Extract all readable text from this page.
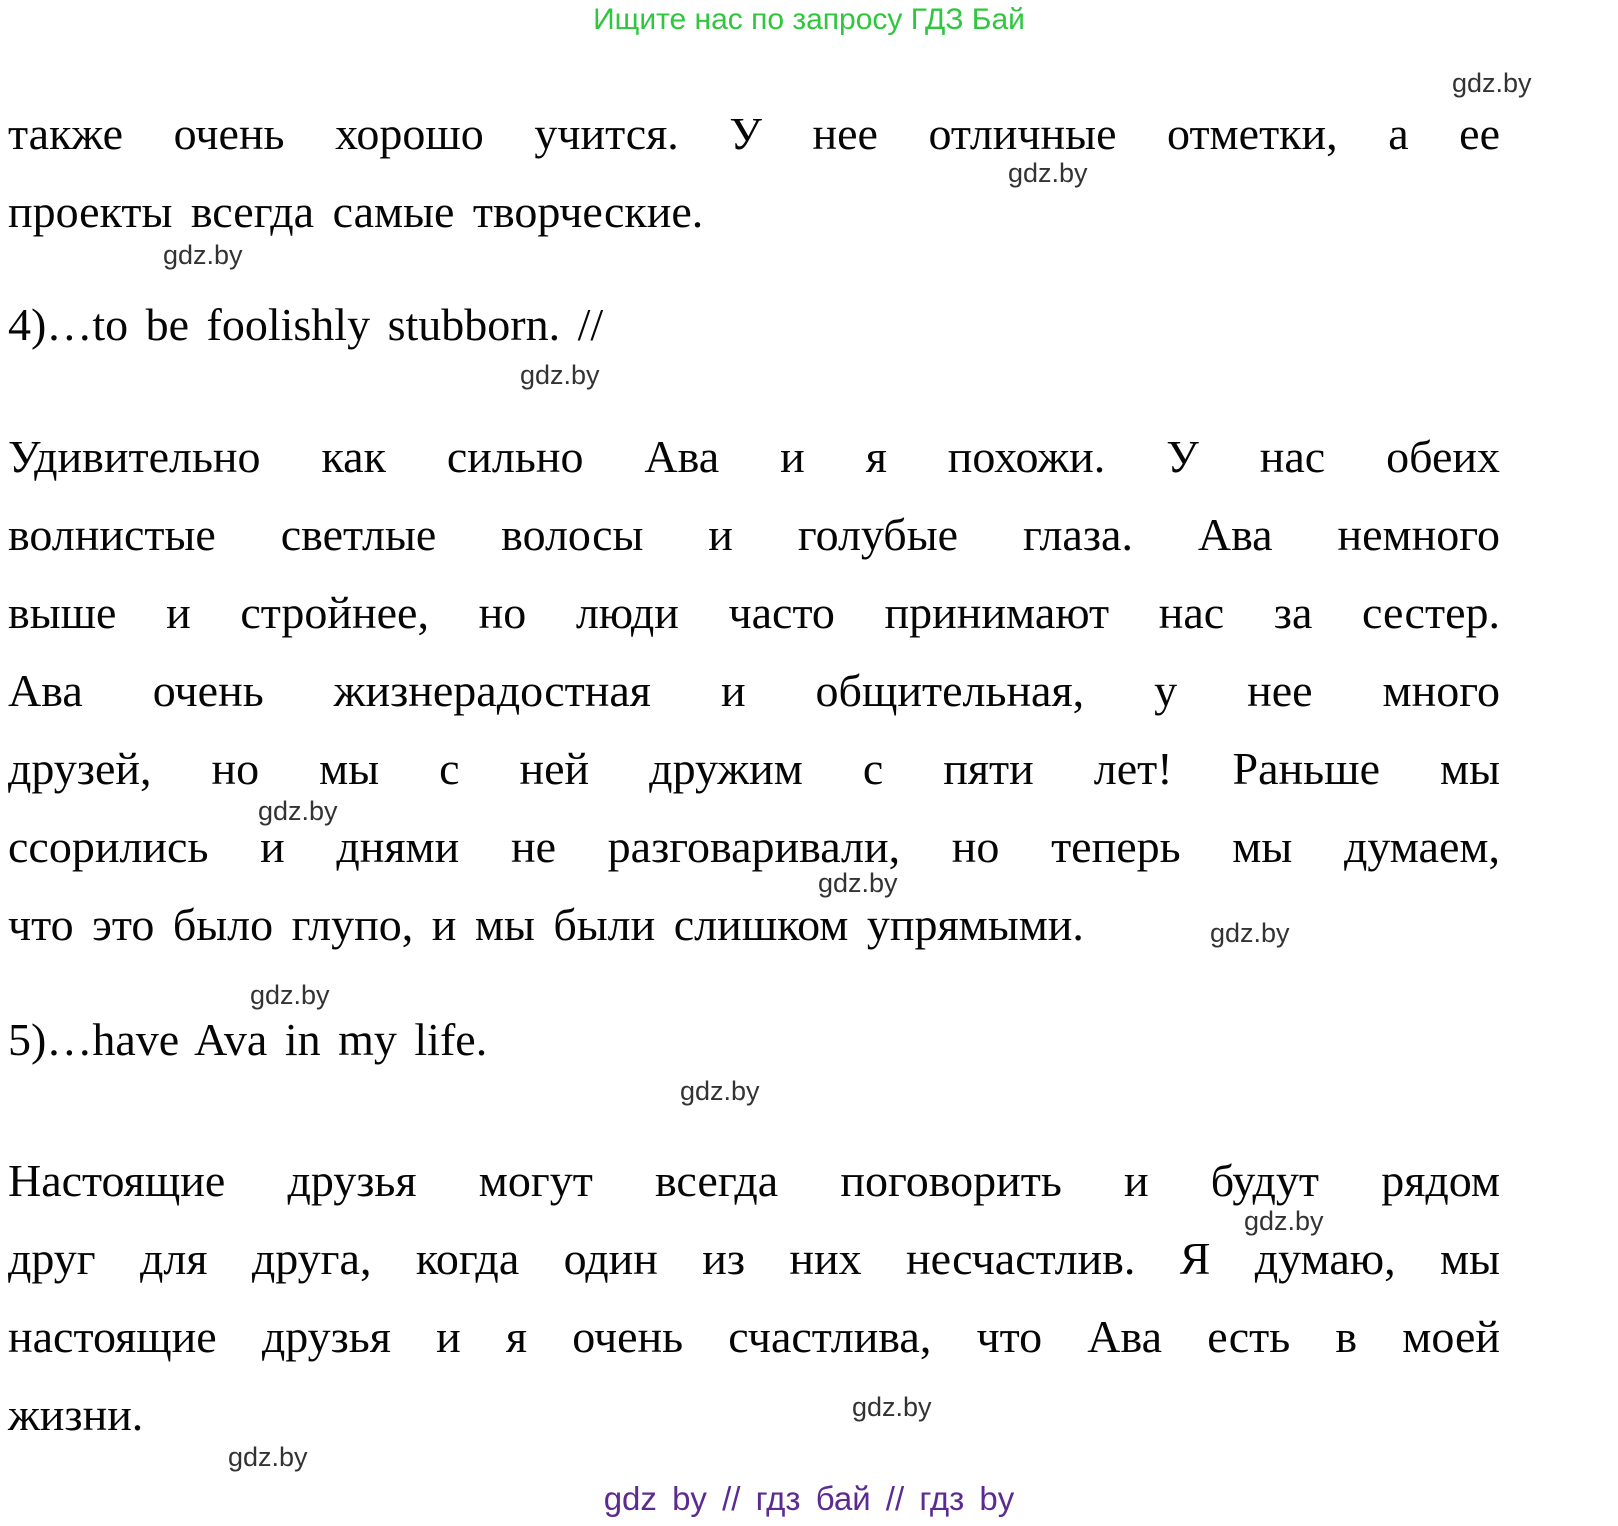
Ищите нас по запросу ГДЗ Бай
gdz.by
gdz.by
gdz.by
gdz.by
gdz.by
gdz.by
gdz.by
gdz.by
gdz.by
gdz.by
gdz.by
gdz.by
также очень хорошо учится. У нее отличные отметки, а ее
проекты всегда самые творческие.
4)…to be foolishly stubborn. //
Удивительно как сильно Ава и я похожи. У нас обеих
волнистые светлые волосы и голубые глаза. Ава немного
выше и стройнее, но люди часто принимают нас за сестер.
Ава очень жизнерадостная и общительная, у нее много
друзей, но мы с ней дружим с пяти лет! Раньше мы
ссорились и днями не разговаривали, но теперь мы думаем,
что это было глупо, и мы были слишком упрямыми.
5)…have Ava in my life.
Настоящие друзья могут всегда поговорить и будут рядом
друг для друга, когда один из них несчастлив. Я думаю, мы
настоящие друзья и я очень счастлива, что Ава есть в моей
жизни.
gdz by // гдз бай // гдз by
